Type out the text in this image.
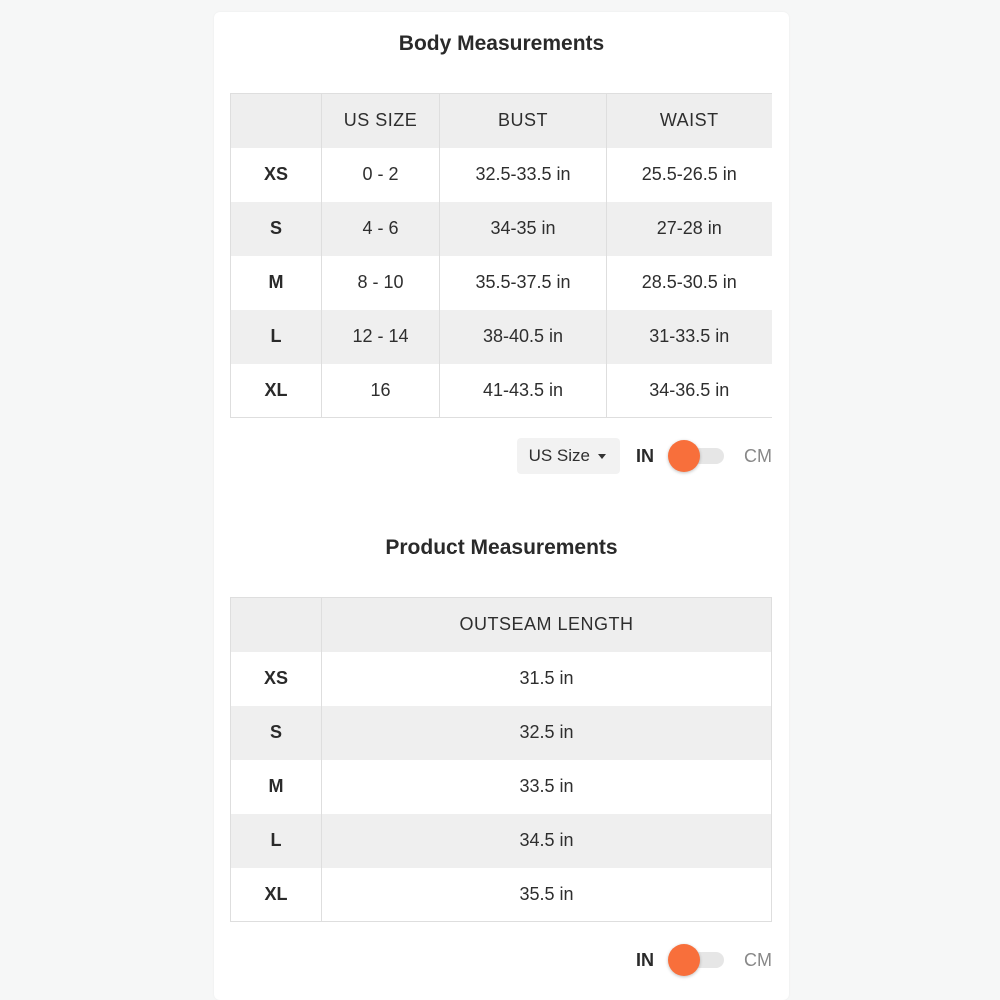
Body Measurements
	US SIZE	BUST	WAIST
XS	0 - 2	32.5-33.5 in	25.5-26.5 in
S	4 - 6	34-35 in	27-28 in
M	8 - 10	35.5-37.5 in	28.5-30.5 in
L	12 - 14	38-40.5 in	31-33.5 in
XL	16	41-43.5 in	34-36.5 in
US Size	IN	CM
Product Measurements
	OUTSEAM LENGTH
XS	31.5 in
S	32.5 in
M	33.5 in
L	34.5 in
XL	35.5 in
IN	CM
